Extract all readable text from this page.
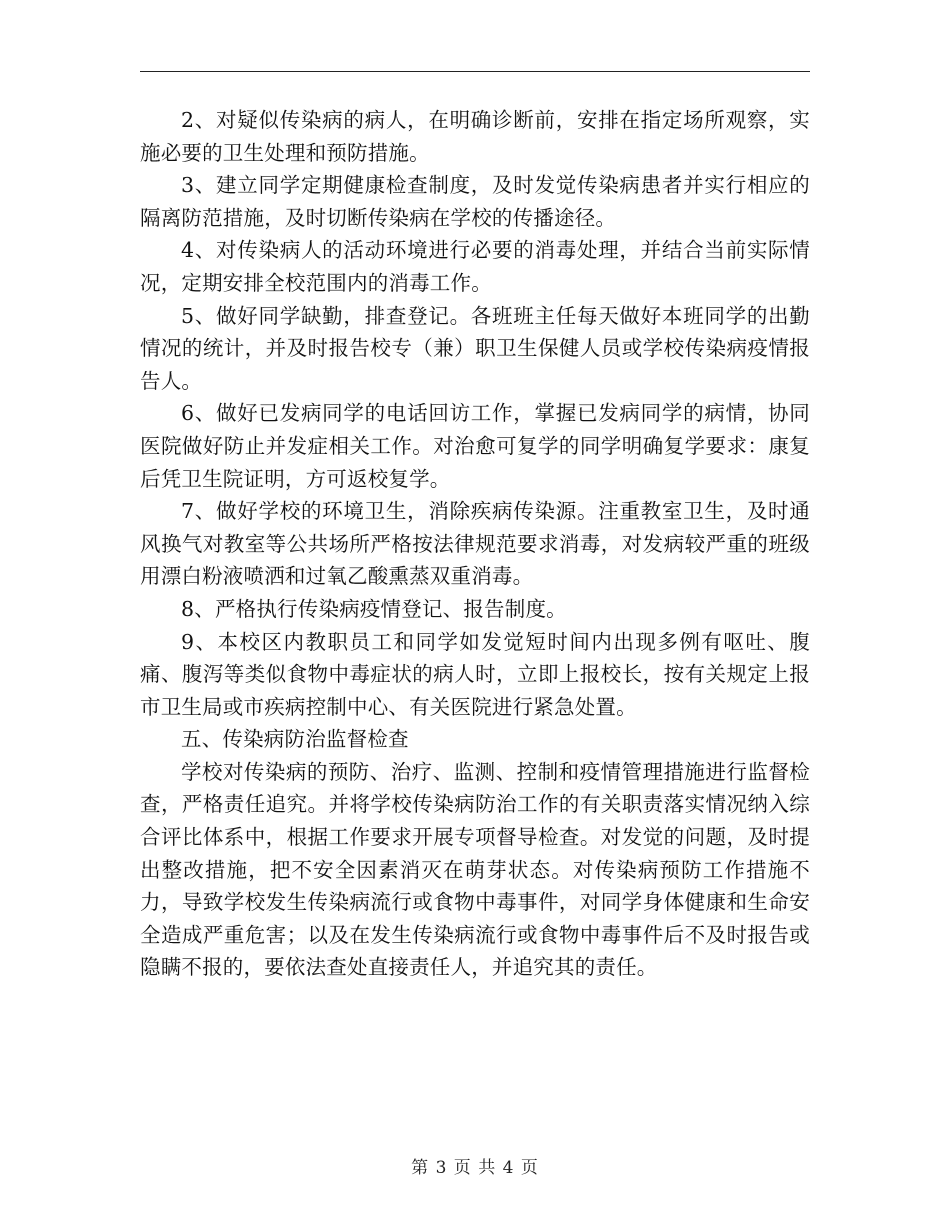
2、对疑似传染病的病人，在明确诊断前，安排在指定场所观察，实施必要的卫生处理和预防措施。

3、建立同学定期健康检查制度，及时发觉传染病患者并实行相应的隔离防范措施，及时切断传染病在学校的传播途径。

4、对传染病人的活动环境进行必要的消毒处理，并结合当前实际情况，定期安排全校范围内的消毒工作。

5、做好同学缺勤，排查登记。各班班主任每天做好本班同学的出勤情况的统计，并及时报告校专（兼）职卫生保健人员或学校传染病疫情报告人。

6、做好已发病同学的电话回访工作，掌握已发病同学的病情，协同医院做好防止并发症相关工作。对治愈可复学的同学明确复学要求：康复后凭卫生院证明，方可返校复学。

7、做好学校的环境卫生，消除疾病传染源。注重教室卫生，及时通风换气对教室等公共场所严格按法律规范要求消毒，对发病较严重的班级用漂白粉液喷洒和过氧乙酸熏蒸双重消毒。

8、严格执行传染病疫情登记、报告制度。

9、本校区内教职员工和同学如发觉短时间内出现多例有呕吐、腹痛、腹泻等类似食物中毒症状的病人时，立即上报校长，按有关规定上报市卫生局或市疾病控制中心、有关医院进行紧急处置。

五、传染病防治监督检查

学校对传染病的预防、治疗、监测、控制和疫情管理措施进行监督检查，严格责任追究。并将学校传染病防治工作的有关职责落实情况纳入综合评比体系中，根据工作要求开展专项督导检查。对发觉的问题，及时提出整改措施，把不安全因素消灭在萌芽状态。对传染病预防工作措施不力，导致学校发生传染病流行或食物中毒事件，对同学身体健康和生命安全造成严重危害；以及在发生传染病流行或食物中毒事件后不及时报告或隐瞒不报的，要依法查处直接责任人，并追究其的责任。

第 3 页 共 4 页
